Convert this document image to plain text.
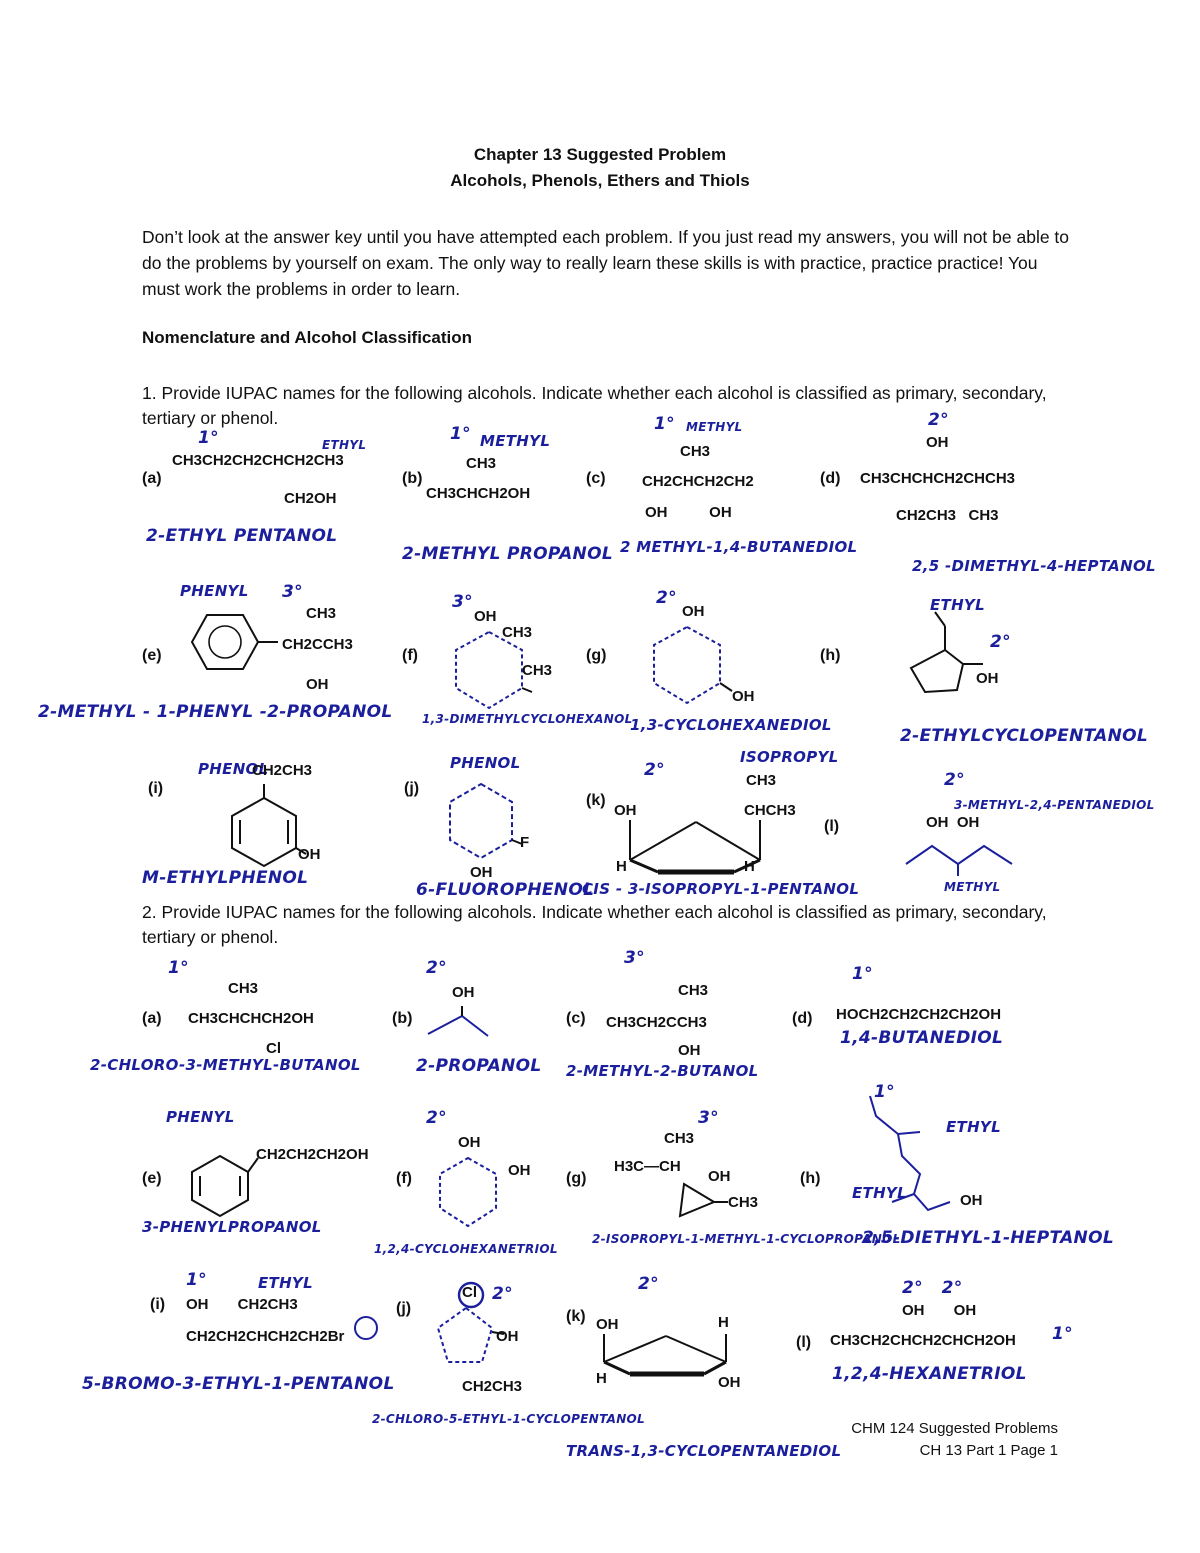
Chapter 13 Suggested Problem
Alcohols, Phenols, Ethers and Thiols
Don’t look at the answer key until you have attempted each problem. If you just read my answers, you will not be able to do the problems by yourself on exam. The only way to really learn these skills is with practice, practice practice! You must work the problems in order to learn.
Nomenclature and Alcohol Classification
1. Provide IUPAC names for the following alcohols. Indicate whether each alcohol is classified as primary, secondary, tertiary or phenol.
(a)
1°	ETHYL
CH3CH2CH2CHCH2CH3
CH2OH
2-ETHYL PENTANOL
(b)
1° METHYL
CH3
CH3CHCH2OH
2-METHYL PROPANOL
(c)
1° METHYL
CH3
CH2CHCH2CH2
OH          OH
2 METHYL-1,4-BUTANEDIOL
(d)
2°
OH
CH3CHCHCH2CHCH3
CH2CH3   CH3
2,5 -DIMETHYL-4-HEPTANOL
(e)
PHENYL 3°
CH3
CH2CCH3
OH
2-METHYL - 1-PHENYL -2-PROPANOL
(f)
3°
OH
CH3
CH3
1,3-DIMETHYLCYCLOHEXANOL
(g)
2°
OH
OH
1,3-CYCLOHEXANEDIOL
(h)
ETHYL
2°
OH
2-ETHYLCYCLOPENTANOL
(i)
PHENOL
CH2CH3
OH
M-ETHYLPHENOL
(j)
PHENOL
F
OH
6-FLUOROPHENOL
(k)
2°
ISOPROPYL
CH3
CHCH3
OH
H	H
CIS - 3-ISOPROPYL-1-PENTANOL
(l)
2°
3-METHYL-2,4-PENTANEDIOL
OH  OH
METHYL
2. Provide IUPAC names for the following alcohols. Indicate whether each alcohol is classified as primary, secondary, tertiary or phenol.
(a)
1°
CH3
CH3CHCHCH2OH
Cl
2-CHLORO-3-METHYL-BUTANOL
(b)
2°
OH
2-PROPANOL
(c)
3°
CH3
CH3CH2CCH3
OH
2-METHYL-2-BUTANOL
(d)
1°
HOCH2CH2CH2CH2OH
1,4-BUTANEDIOL
(e)
PHENYL
CH2CH2CH2OH
3-PHENYLPROPANOL
(f)
2°
OH
OH
1,2,4-CYCLOHEXANETRIOL
(g)
3°
CH3
H3C—CH
OH
CH3
2-ISOPROPYL-1-METHYL-1-CYCLOPROPANOL
(h)
1°
ETHYL
ETHYL	OH
2,5-DIETHYL-1-HEPTANOL
(i)
1°	ETHYL
OH       CH2CH3
CH2CH2CHCH2CH2Br
5-BROMO-3-ETHYL-1-PENTANOL
(j)
2°
Cl
OH
CH2CH3
2-CHLORO-5-ETHYL-1-CYCLOPENTANOL
(k)
2°
OH	H
H	OH
TRANS-1,3-CYCLOPENTANEDIOL
(l)
2°   2°
OH       OH
CH3CH2CHCH2CHCH2OH 1°
1,2,4-HEXANETRIOL
CHM 124 Suggested Problems
CH 13 Part 1 Page 1
